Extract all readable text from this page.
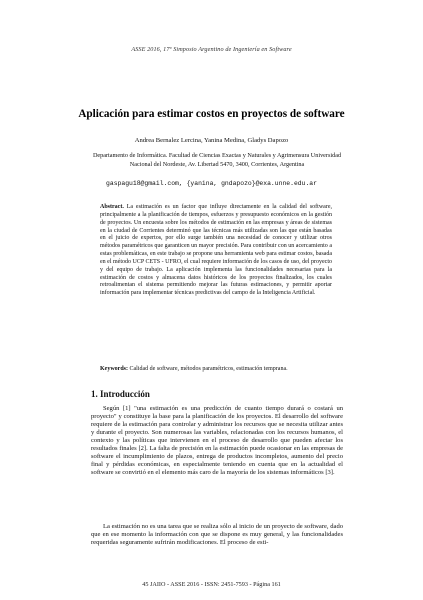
ASSE 2016, 17º Simposio Argentino de Ingeniería en Software
Aplicación para estimar costos en proyectos de software
Andrea Bernalez Lercina, Yanina Medina, Gladys Dapozo
Departamento de Informática. Facultad de Ciencias Exactas y Naturales y Agrimensura Universidad Nacional del Nordeste, Av. Libertad 5470, 3400, Corrientes, Argentina
gaspagu18@gmail.com, {yanina, gndapozo}@exa.unne.edu.ar

Abstract. La estimación es un factor que influye directamente en la calidad del software, principalmente a la planificación de tiempos, esfuerzos y presupuesto económicos en la gestión de proyectos. Un encuesta sobre los métodos de estimación en las empresas y áreas de sistemas en la ciudad de Corrientes determinó que las técnicas más utilizadas son las que están basadas en el juicio de expertos, por ello surge también una necesidad de conocer y utilizar otros métodos paramétricos que garanticen un mayor precisión. Para contribuir con un acercamiento a estas problemáticas, en este trabajo se propone una herramienta web para estimar costos, basada en el método UCP CETS - UFRO, el cual requiere información de los casos de uso, del proyecto y del equipo de trabajo. La aplicación implementa las funcionalidades necesarias para la estimación de costos y almacena datos históricos de los proyectos finalizados, los cuales retroalimentan el sistema permitiendo mejorar las futuras estimaciones, y permitir aportar información para implementar técnicas predictivas del campo de la Inteligencia Artificial.

Keywords: Calidad de software, métodos paramétricos, estimación temprana.
1. Introducción

Según [1] "una estimación es una predicción de cuanto tiempo durará o costará un proyecto" y constituye la base para la planificación de los proyectos. El desarrollo del software requiere de la estimación para controlar y administrar los recursos que se necesita utilizar antes y durante el proyecto. Son numerosas las variables, relacionadas con los recursos humanos, el contexto y las políticas que intervienen en el proceso de desarrollo que pueden afectar los resultados finales [2]. La falta de precisión en la estimación puede ocasionar en las empresas de software el incumplimiento de plazos, entrega de productos incompletos, aumento del precio final y pérdidas económicas, en especialmente teniendo en cuenta que en la actualidad el software se convirtió en el elemento más caro de la mayoría de los sistemas informáticos [3].

La estimación no es una tarea que se realiza sólo al inicio de un proyecto de software, dado que en ese momento la información con que se dispone es muy general, y las funcionalidades requeridas seguramente sufrirán modificaciones. El proceso de esti-

45 JAIIO - ASSE 2016 - ISSN: 2451-7593 - Página 161
